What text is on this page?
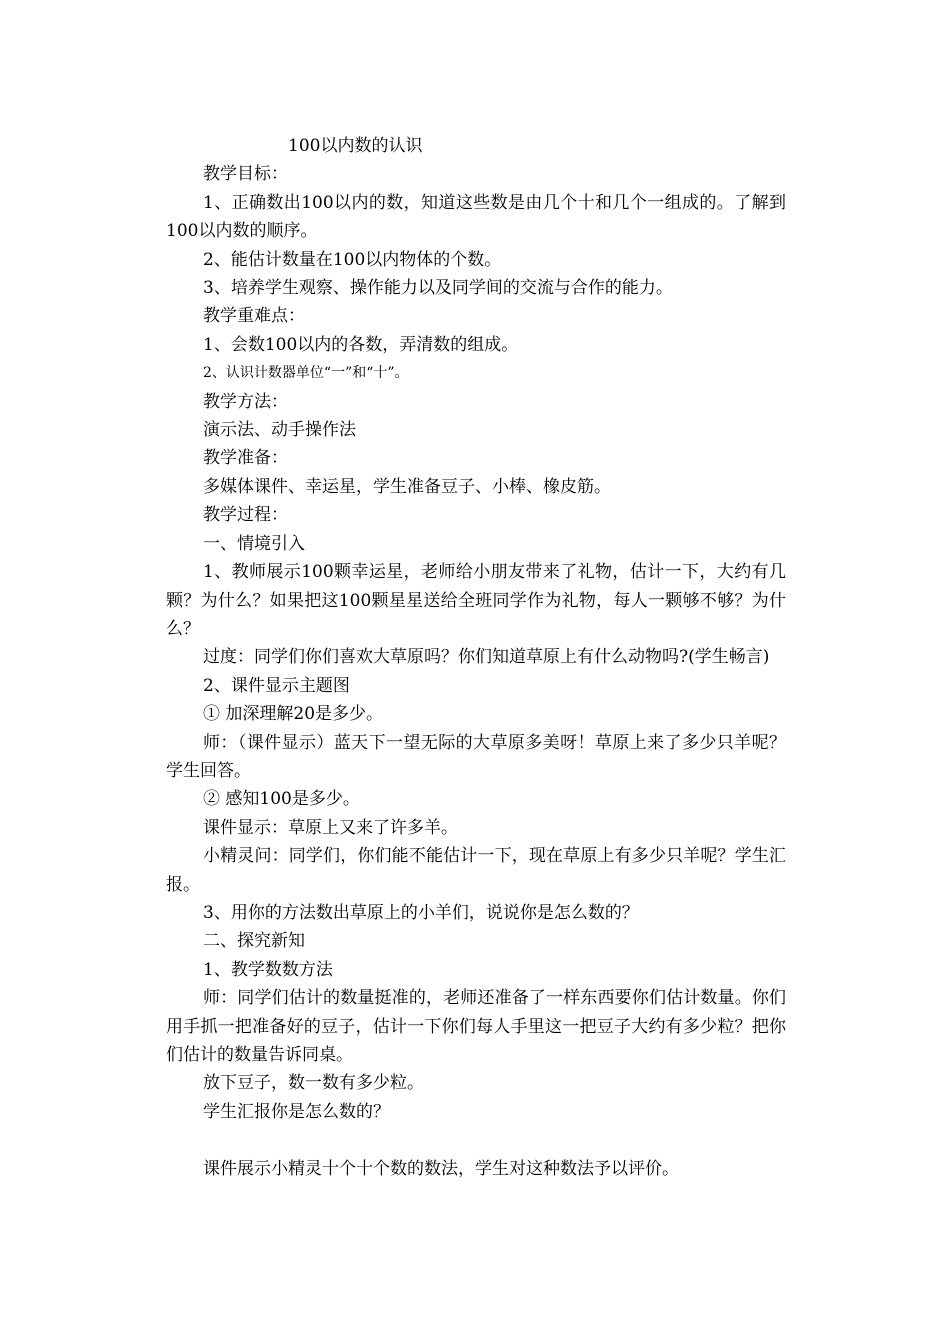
100以内数的认识

教学目标：

1、正确数出100以内的数，知道这些数是由几个十和几个一组成的。了解到100以内数的顺序。

2、能估计数量在100以内物体的个数。

3、培养学生观察、操作能力以及同学间的交流与合作的能力。

教学重难点：

1、会数100以内的各数，弄清数的组成。

2、认识计数器单位“一”和“十”。

教学方法：

演示法、动手操作法

教学准备：

多媒体课件、幸运星，学生准备豆子、小棒、橡皮筋。

教学过程：

一、情境引入

1、教师展示100颗幸运星，老师给小朋友带来了礼物，估计一下，大约有几颗？为什么？如果把这100颗星星送给全班同学作为礼物，每人一颗够不够？为什么？

过度：同学们你们喜欢大草原吗？你们知道草原上有什么动物吗?(学生畅言)

2、课件显示主题图

① 加深理解20是多少。

师：（课件显示）蓝天下一望无际的大草原多美呀！草原上来了多少只羊呢？学生回答。

② 感知100是多少。

课件显示：草原上又来了许多羊。

小精灵问：同学们，你们能不能估计一下，现在草原上有多少只羊呢？学生汇报。

3、用你的方法数出草原上的小羊们，说说你是怎么数的？

二、探究新知

1、教学数数方法

师：同学们估计的数量挺准的，老师还准备了一样东西要你们估计数量。你们用手抓一把准备好的豆子，估计一下你们每人手里这一把豆子大约有多少粒？把你们估计的数量告诉同桌。

放下豆子，数一数有多少粒。

学生汇报你是怎么数的？

课件展示小精灵十个十个数的数法，学生对这种数法予以评价。
